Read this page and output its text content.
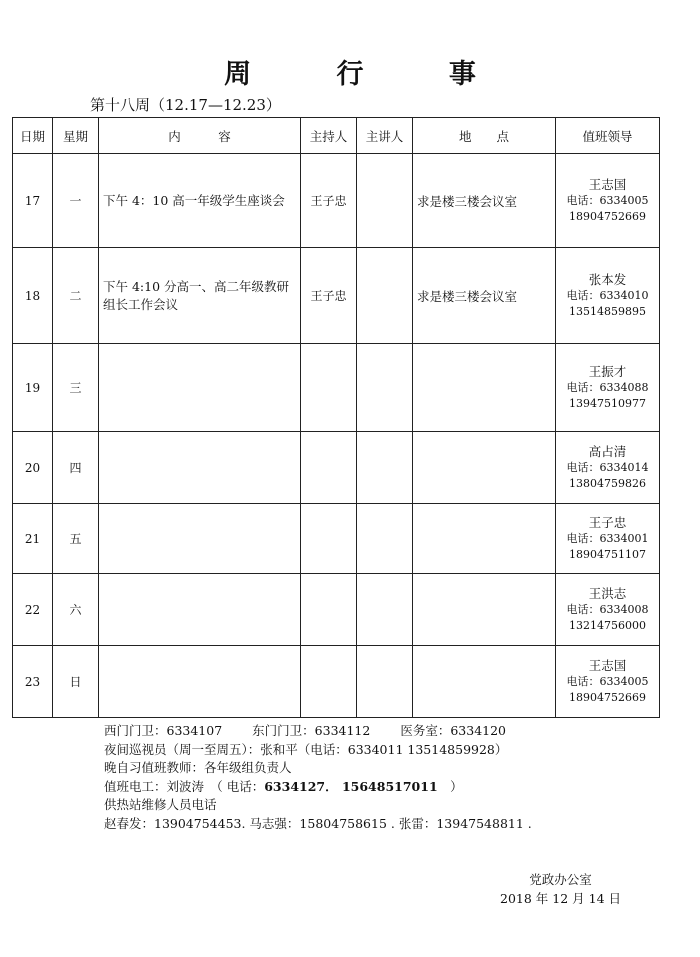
周 行 事
第十八周（12.17—12.23）
日期	星期	内　　　容	主持人	主讲人	地　　点	值班领导
17	一	下午 4：10 高一年级学生座谈会	王子忠		求是楼三楼会议室	王志国
电话：6334005
18904752669

18	二	下午 4:10 分高一、高二年级教研组长工作会议	王子忠		求是楼三楼会议室	张本发
电话：6334010
13514859895

19	三					王振才
电话：6334088
13947510977

20	四					高占清
电话：6334014
13804759826

21	五					王子忠
电话：6334001
18904751107

22	六					王洪志
电话：6334008
13214756000

23	日					王志国
电话：6334005
18904752669
西门门卫：6334107 东门门卫：6334112 医务室：6334120
夜间巡视员（周一至周五）：张和平（电话：6334011 13514859928）
晚自习值班教师：各年级组负责人
值班电工：刘波涛　（ 电话：6334127． 15648517011　）
供热站维修人员电话
赵春发：13904754453. 马志强：15804758615 . 张雷：13947548811 .
党政办公室
2018 年 12 月 14 日
